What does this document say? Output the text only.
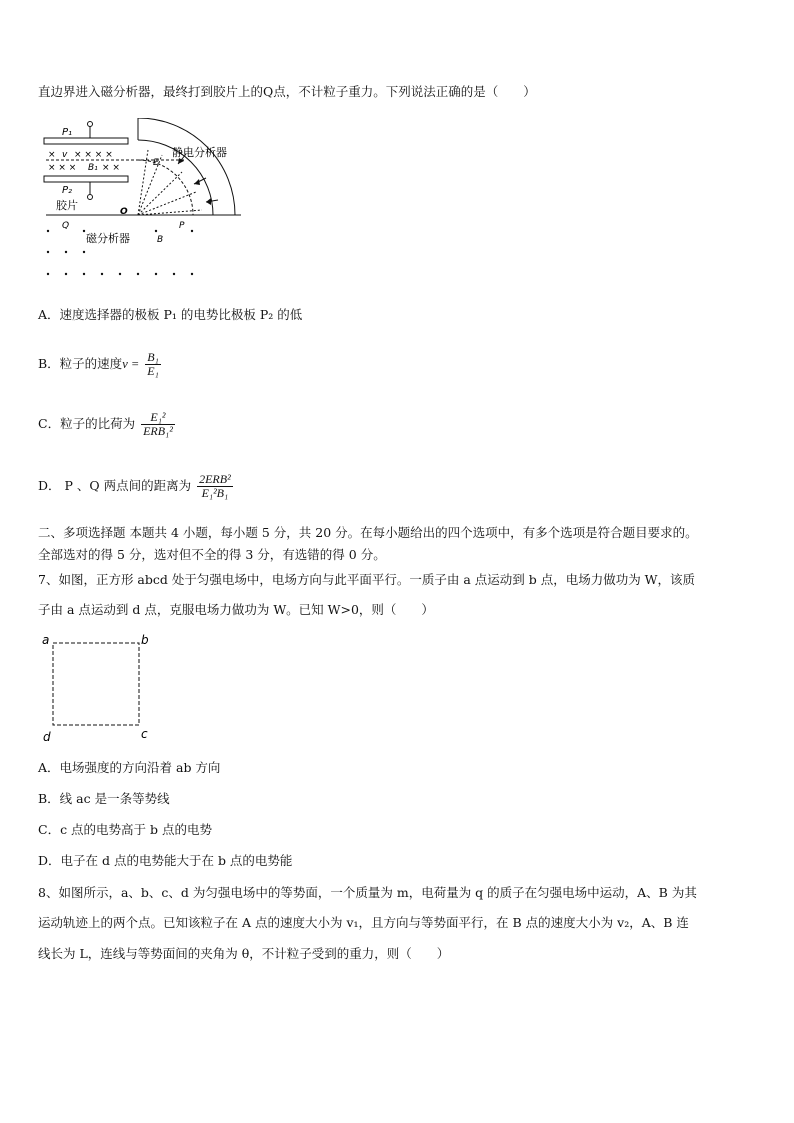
直边界进入磁分析器，最终打到胶片上的Q点，不计粒子重力。下列说法正确的是（　　）
P₁
P₂
× v × × × ×
× × × B₁ × ×	E
静电分析器
胶片	O
Q	P
磁分析器	B
A．速度选择器的极板 P₁ 的电势比极板 P₂ 的低
B．粒子的速度$v = \frac{\text{B₁}}{\text{E₁}}$
C．粒子的比荷为 $\frac{\text{E₁²}}{\text{ERB₁²}}$
D． P 、Q 两点间的距离为 $\frac{\text{2ERB²}}{\text{E₁²B₁}}$
二、多项选择题 本题共 4 小题，每小题 5 分，共 20 分。在每小题给出的四个选项中，有多个选项是符合题目要求的。
全部选对的得 5 分，选对但不全的得 3 分，有选错的得 0 分。
7、如图，正方形 abcd 处于匀强电场中，电场方向与此平面平行。一质子由 a 点运动到 b 点，电场力做功为 W，该质
子由 a 点运动到 d 点，克服电场力做功为 W。已知 W>0，则（　　）
a	b
c
d
A．电场强度的方向沿着 ab 方向
B．线 ac 是一条等势线
C．c 点的电势高于 b 点的电势
D．电子在 d 点的电势能大于在 b 点的电势能
8、如图所示，a、b、c、d 为匀强电场中的等势面，一个质量为 m，电荷量为 q 的质子在匀强电场中运动，A、B 为其
运动轨迹上的两个点。已知该粒子在 A 点的速度大小为 v₁，且方向与等势面平行，在 B 点的速度大小为 v₂，A、B 连
线长为 L，连线与等势面间的夹角为 θ，不计粒子受到的重力，则（　　）
